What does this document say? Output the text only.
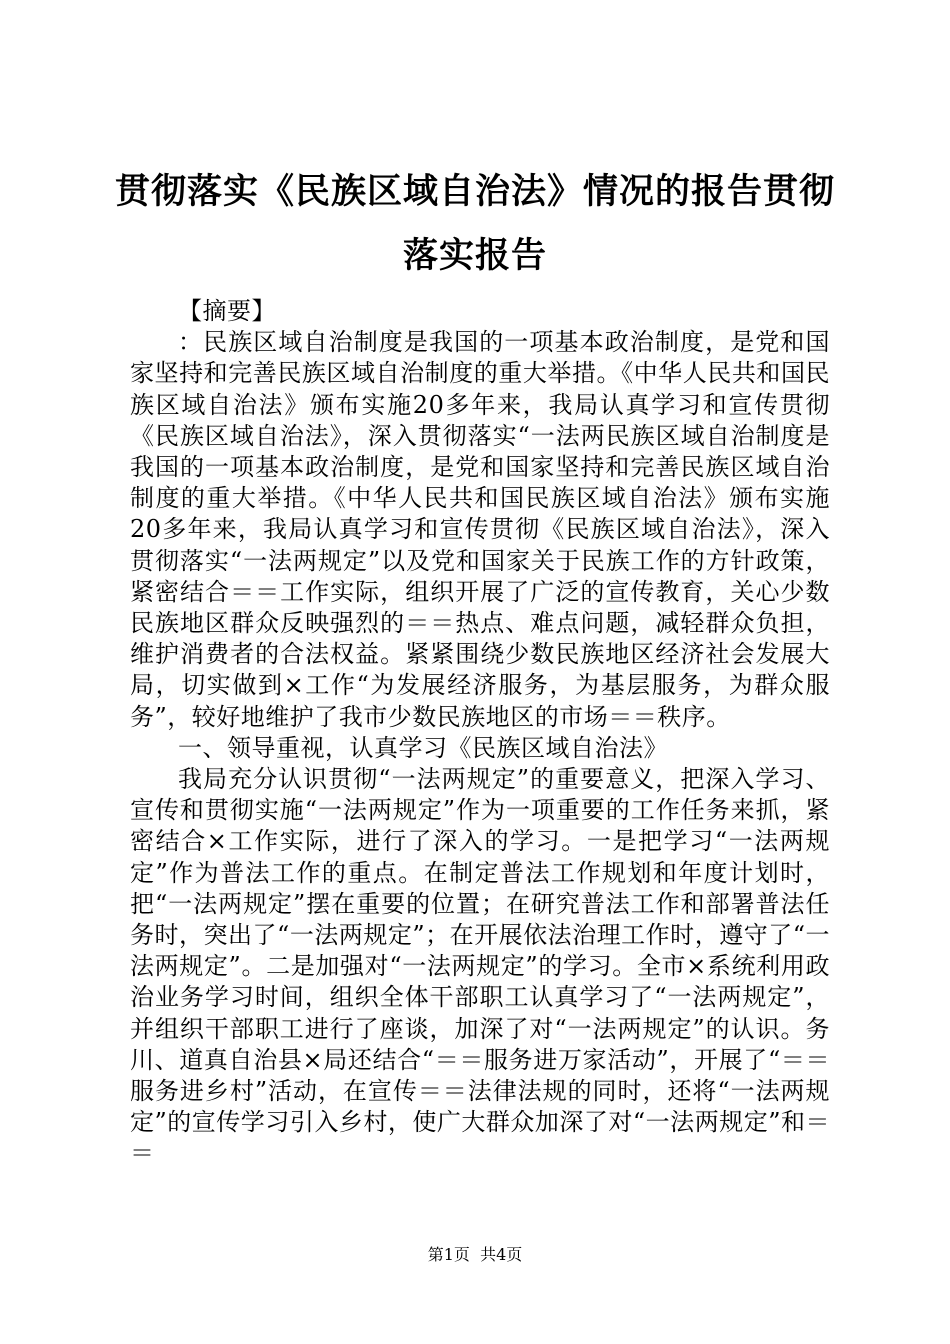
贯彻落实《民族区域自治法》情况的报告贯彻落实报告

【摘要】

：民族区域自治制度是我国的一项基本政治制度，是党和国家坚持和完善民族区域自治制度的重大举措。《中华人民共和国民族区域自治法》颁布实施20多年来，我局认真学习和宣传贯彻《民族区域自治法》，深入贯彻落实“一法两民族区域自治制度是我国的一项基本政治制度，是党和国家坚持和完善民族区域自治制度的重大举措。《中华人民共和国民族区域自治法》颁布实施20多年来，我局认真学习和宣传贯彻《民族区域自治法》，深入贯彻落实“一法两规定”以及党和国家关于民族工作的方针政策，紧密结合＝＝工作实际，组织开展了广泛的宣传教育，关心少数民族地区群众反映强烈的＝＝热点、难点问题，减轻群众负担，维护消费者的合法权益。紧紧围绕少数民族地区经济社会发展大局，切实做到×工作“为发展经济服务，为基层服务，为群众服务”，较好地维护了我市少数民族地区的市场＝＝秩序。

一、领导重视，认真学习《民族区域自治法》

我局充分认识贯彻“一法两规定”的重要意义，把深入学习、宣传和贯彻实施“一法两规定”作为一项重要的工作任务来抓，紧密结合×工作实际，进行了深入的学习。一是把学习“一法两规定”作为普法工作的重点。在制定普法工作规划和年度计划时，把“一法两规定”摆在重要的位置；在研究普法工作和部署普法任务时，突出了“一法两规定”；在开展依法治理工作时，遵守了“一法两规定”。二是加强对“一法两规定”的学习。全市×系统利用政治业务学习时间，组织全体干部职工认真学习了“一法两规定”，并组织干部职工进行了座谈，加深了对“一法两规定”的认识。务川、道真自治县×局还结合“＝＝服务进万家活动”，开展了“＝＝服务进乡村”活动，在宣传＝＝法律法规的同时，还将“一法两规定”的宣传学习引入乡村，使广大群众加深了对“一法两规定”和＝＝

第1页 共4页
